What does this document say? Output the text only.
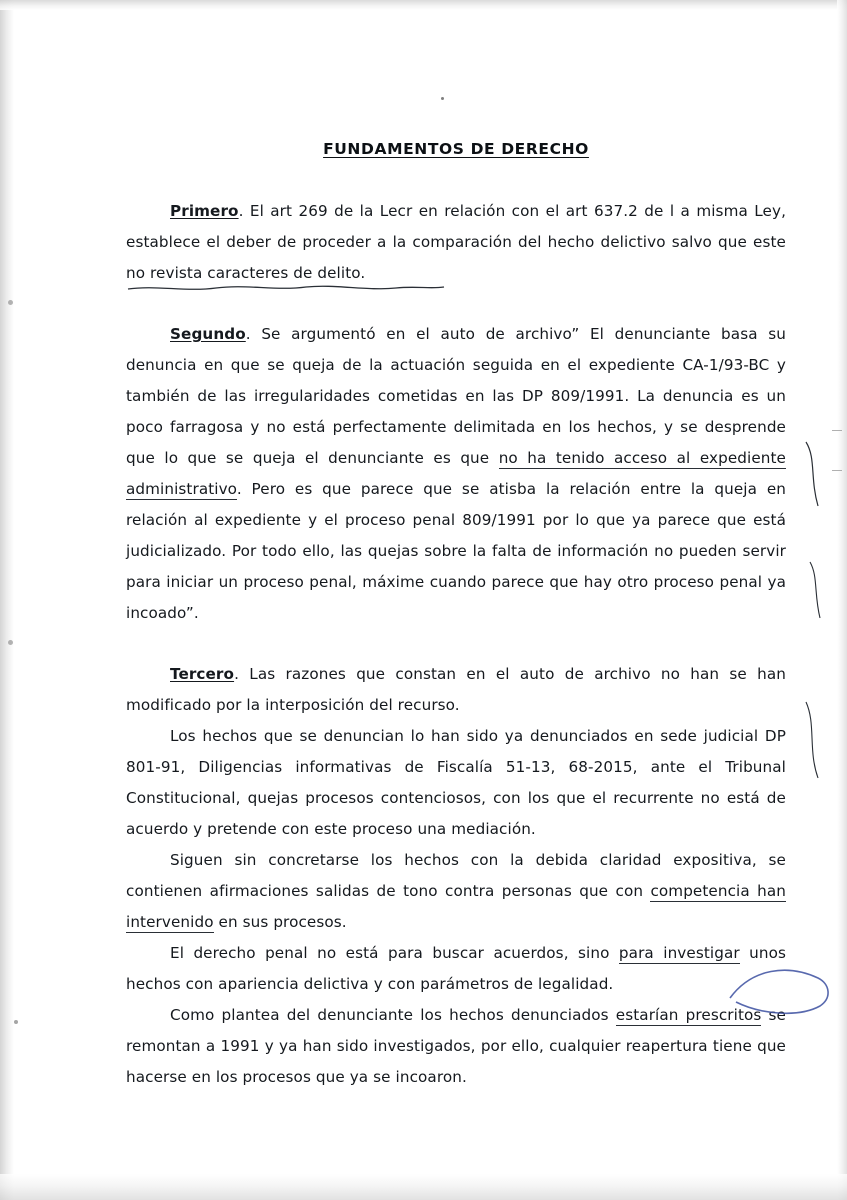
FUNDAMENTOS DE DERECHO

Primero. El art 269 de la Lecr en relación con el art 637.2 de l a misma Ley, establece el deber de proceder a la comparación del hecho delictivo salvo que este no revista caracteres de delito.

Segundo. Se argumentó en el auto de archivo” El denunciante basa su denuncia en que se queja de la actuación seguida en el expediente CA-1/93-BC y también de las irregularidades cometidas en las DP 809/1991. La denuncia es un poco farragosa y no está perfectamente delimitada en los hechos, y se desprende que lo que se queja el denunciante es que no ha tenido acceso al expediente administrativo. Pero es que parece que se atisba la relación entre la queja en relación al expediente y el proceso penal 809/1991 por lo que ya parece que está judicializado. Por todo ello, las quejas sobre la falta de información no pueden servir para iniciar un proceso penal, máxime cuando parece que hay otro proceso penal ya incoado”.

Tercero. Las razones que constan en el auto de archivo no han se han modificado por la interposición del recurso.

Los hechos que se denuncian lo han sido ya denunciados en sede judicial DP 801-91, Diligencias informativas de Fiscalía 51-13, 68-2015, ante el Tribunal Constitucional, quejas procesos contenciosos, con los que el recurrente no está de acuerdo y pretende con este proceso una mediación.

Siguen sin concretarse los hechos con la debida claridad expositiva, se contienen afirmaciones salidas de tono contra personas que con competencia han intervenido en sus procesos.

El derecho penal no está para buscar acuerdos, sino para investigar unos hechos con apariencia delictiva y con parámetros de legalidad.

Como plantea del denunciante los hechos denunciados estarían prescritos se remontan a 1991 y ya han sido investigados, por ello, cualquier reapertura tiene que hacerse en los procesos que ya se incoaron.
